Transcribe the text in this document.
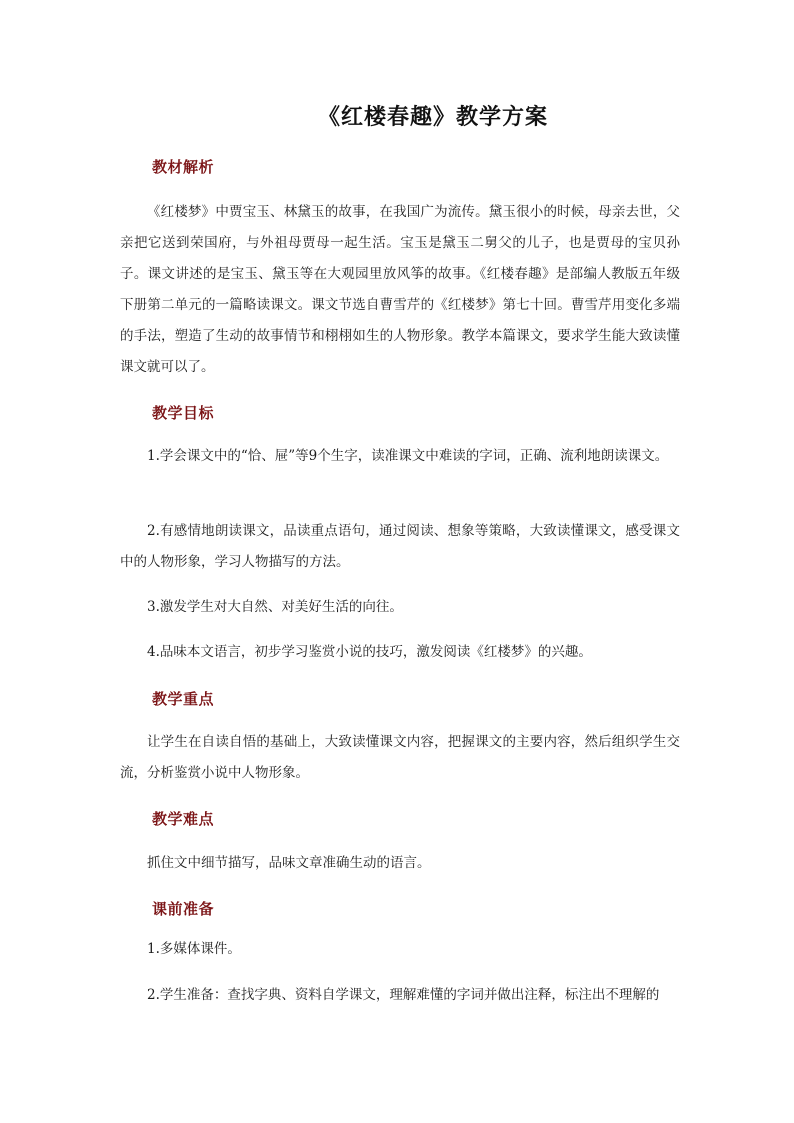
《红楼春趣》教学方案
教材解析

《红楼梦》中贾宝玉、林黛玉的故事，在我国广为流传。黛玉很小的时候，母亲去世，父亲把它送到荣国府，与外祖母贾母一起生活。宝玉是黛玉二舅父的儿子，也是贾母的宝贝孙子。课文讲述的是宝玉、黛玉等在大观园里放风筝的故事。《红楼春趣》是部编人教版五年级下册第二单元的一篇略读课文。课文节选自曹雪芹的《红楼梦》第七十回。曹雪芹用变化多端的手法，塑造了生动的故事情节和栩栩如生的人物形象。教学本篇课文，要求学生能大致读懂课文就可以了。

教学目标

1.学会课文中的“恰、屉”等9个生字，读准课文中难读的字词，正确、流利地朗读课文。

2.有感情地朗读课文，品读重点语句，通过阅读、想象等策略，大致读懂课文，感受课文中的人物形象，学习人物描写的方法。

3.激发学生对大自然、对美好生活的向往。

4.品味本文语言，初步学习鉴赏小说的技巧，激发阅读《红楼梦》的兴趣。

教学重点

让学生在自读自悟的基础上，大致读懂课文内容，把握课文的主要内容，然后组织学生交流，分析鉴赏小说中人物形象。

教学难点

抓住文中细节描写，品味文章准确生动的语言。

课前准备

1.多媒体课件。

2.学生准备：查找字典、资料自学课文，理解难懂的字词并做出注释，标注出不理解的
